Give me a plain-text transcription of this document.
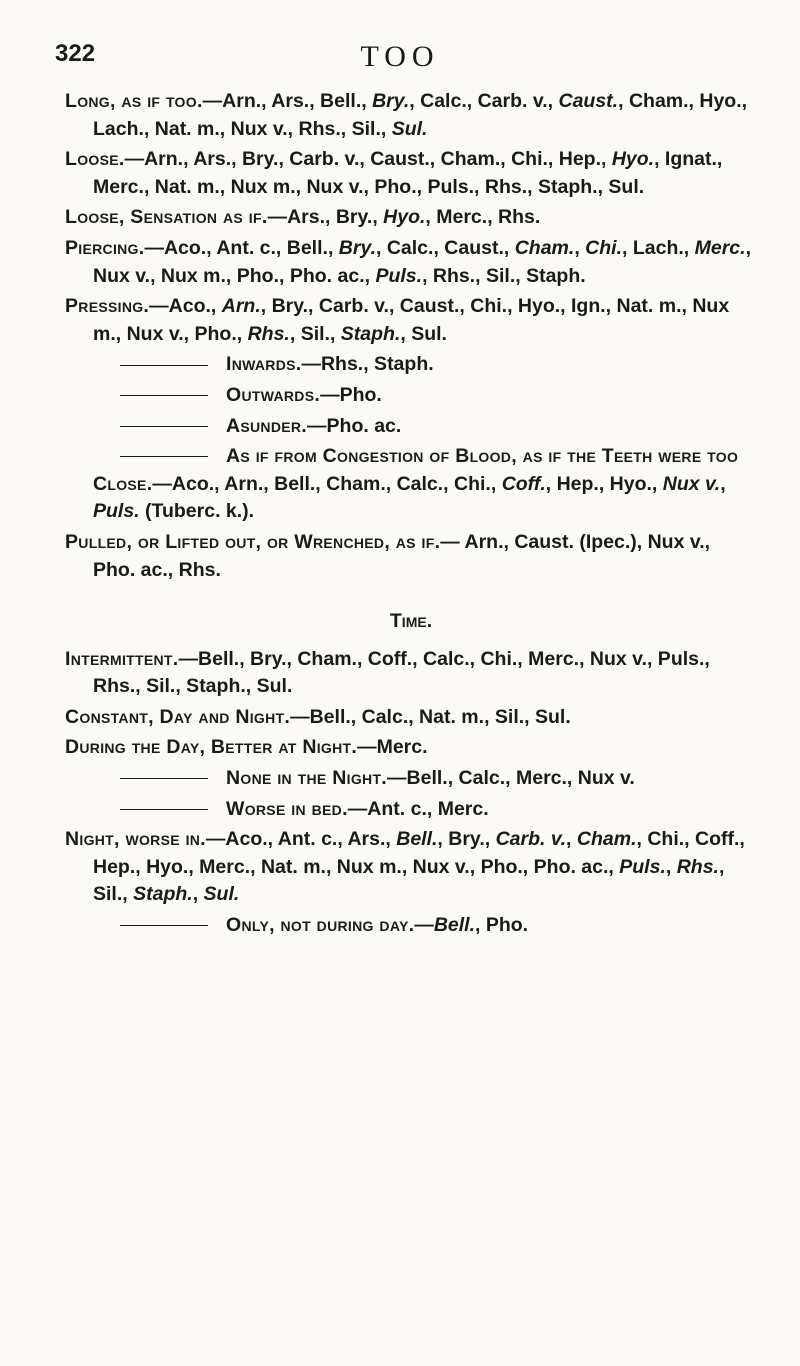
322	TOO

Long, as if too.—Arn., Ars., Bell., Bry., Calc., Carb. v., Caust., Cham., Hyo., Lach., Nat. m., Nux v., Rhs., Sil., Sul.

Loose.—Arn., Ars., Bry., Carb. v., Caust., Cham., Chi., Hep., Hyo., Ignat., Merc., Nat. m., Nux m., Nux v., Pho., Puls., Rhs., Staph., Sul.

Loose, Sensation as if.—Ars., Bry., Hyo., Merc., Rhs.

Piercing.—Aco., Ant. c., Bell., Bry., Calc., Caust., Cham., Chi., Lach., Merc., Nux v., Nux m., Pho., Pho. ac., Puls., Rhs., Sil., Staph.

Pressing.—Aco., Arn., Bry., Carb. v., Caust., Chi., Hyo., Ign., Nat. m., Nux m., Nux v., Pho., Rhs., Sil., Staph., Sul.

Inwards.—Rhs., Staph.

Outwards.—Pho.

Asunder.—Pho. ac.

As if from Congestion of Blood, as if the Teeth were too Close.—Aco., Arn., Bell., Cham., Calc., Chi., Coff., Hep., Hyo., Nux v., Puls. (Tuberc. k.).

Pulled, or Lifted out, or Wrenched, as if.— Arn., Caust. (Ipec.), Nux v., Pho. ac., Rhs.

Time.

Intermittent.—Bell., Bry., Cham., Coff., Calc., Chi., Merc., Nux v., Puls., Rhs., Sil., Staph., Sul.

Constant, Day and Night.—Bell., Calc., Nat. m., Sil., Sul.

During the Day, Better at Night.—Merc.

None in the Night.—Bell., Calc., Merc., Nux v.

Worse in bed.—Ant. c., Merc.

Night, worse in.—Aco., Ant. c., Ars., Bell., Bry., Carb. v., Cham., Chi., Coff., Hep., Hyo., Merc., Nat. m., Nux m., Nux v., Pho., Pho. ac., Puls., Rhs., Sil., Staph., Sul.

Only, not during day.—Bell., Pho.
